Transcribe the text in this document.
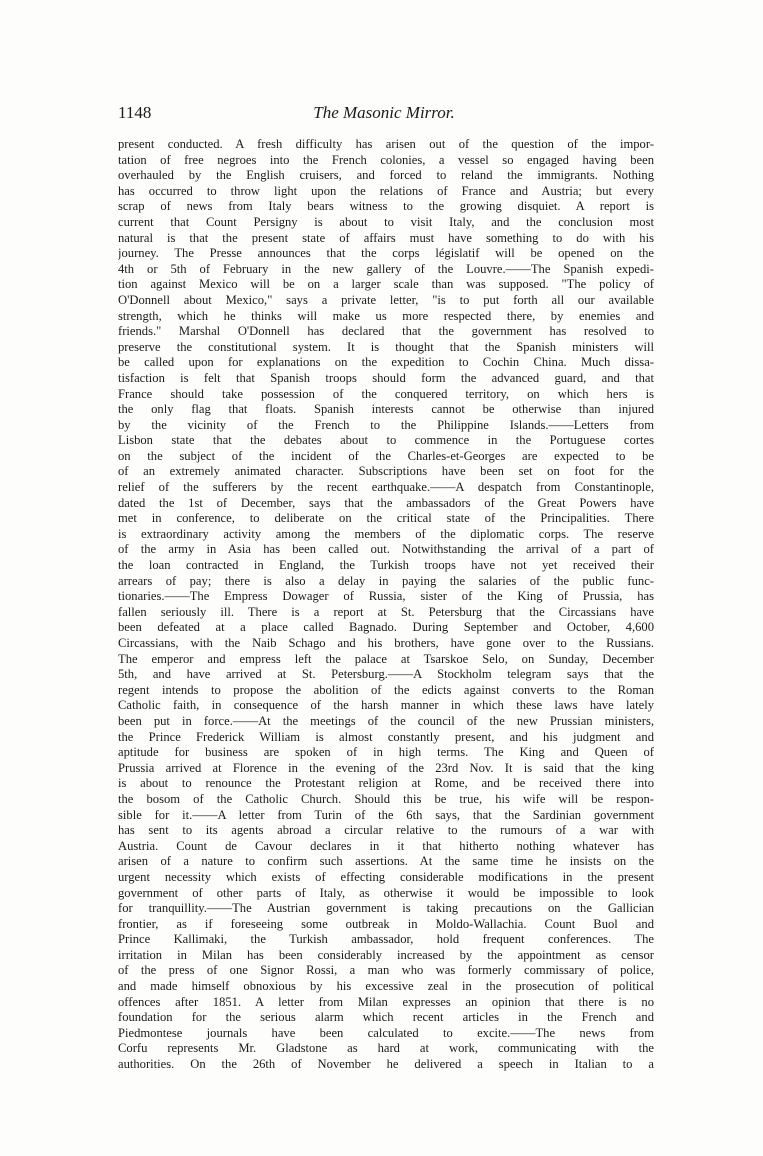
1148	The Masonic Mirror.
present conducted. A fresh difficulty has arisen out of the question of the impor-
tation of free negroes into the French colonies, a vessel so engaged having been
overhauled by the English cruisers, and forced to reland the immigrants. Nothing
has occurred to throw light upon the relations of France and Austria; but every
scrap of news from Italy bears witness to the growing disquiet. A report is
current that Count Persigny is about to visit Italy, and the conclusion most
natural is that the present state of affairs must have something to do with his
journey. The Presse announces that the corps législatif will be opened on the
4th or 5th of February in the new gallery of the Louvre.——The Spanish expedi-
tion against Mexico will be on a larger scale than was supposed. "The policy of
O'Donnell about Mexico," says a private letter, "is to put forth all our available
strength, which he thinks will make us more respected there, by enemies and
friends." Marshal O'Donnell has declared that the government has resolved to
preserve the constitutional system. It is thought that the Spanish ministers will
be called upon for explanations on the expedition to Cochin China. Much dissa-
tisfaction is felt that Spanish troops should form the advanced guard, and that
France should take possession of the conquered territory, on which hers is
the only flag that floats. Spanish interests cannot be otherwise than injured
by the vicinity of the French to the Philippine Islands.——Letters from
Lisbon state that the debates about to commence in the Portuguese cortes
on the subject of the incident of the Charles-et-Georges are expected to be
of an extremely animated character. Subscriptions have been set on foot for the
relief of the sufferers by the recent earthquake.——A despatch from Constantinople,
dated the 1st of December, says that the ambassadors of the Great Powers have
met in conference, to deliberate on the critical state of the Principalities. There
is extraordinary activity among the members of the diplomatic corps. The reserve
of the army in Asia has been called out. Notwithstanding the arrival of a part of
the loan contracted in England, the Turkish troops have not yet received their
arrears of pay; there is also a delay in paying the salaries of the public func-
tionaries.——The Empress Dowager of Russia, sister of the King of Prussia, has
fallen seriously ill. There is a report at St. Petersburg that the Circassians have
been defeated at a place called Bagnado. During September and October, 4,600
Circassians, with the Naib Schago and his brothers, have gone over to the Russians.
The emperor and empress left the palace at Tsarskoe Selo, on Sunday, December
5th, and have arrived at St. Petersburg.——A Stockholm telegram says that the
regent intends to propose the abolition of the edicts against converts to the Roman
Catholic faith, in consequence of the harsh manner in which these laws have lately
been put in force.——At the meetings of the council of the new Prussian ministers,
the Prince Frederick William is almost constantly present, and his judgment and
aptitude for business are spoken of in high terms. The King and Queen of
Prussia arrived at Florence in the evening of the 23rd Nov. It is said that the king
is about to renounce the Protestant religion at Rome, and be received there into
the bosom of the Catholic Church. Should this be true, his wife will be respon-
sible for it.——A letter from Turin of the 6th says, that the Sardinian government
has sent to its agents abroad a circular relative to the rumours of a war with
Austria. Count de Cavour declares in it that hitherto nothing whatever has
arisen of a nature to confirm such assertions. At the same time he insists on the
urgent necessity which exists of effecting considerable modifications in the present
government of other parts of Italy, as otherwise it would be impossible to look
for tranquillity.——The Austrian government is taking precautions on the Gallician
frontier, as if foreseeing some outbreak in Moldo-Wallachia. Count Buol and
Prince Kallimaki, the Turkish ambassador, hold frequent conferences. The
irritation in Milan has been considerably increased by the appointment as censor
of the press of one Signor Rossi, a man who was formerly commissary of police,
and made himself obnoxious by his excessive zeal in the prosecution of political
offences after 1851. A letter from Milan expresses an opinion that there is no
foundation for the serious alarm which recent articles in the French and
Piedmontese journals have been calculated to excite.——The news from
Corfu represents Mr. Gladstone as hard at work, communicating with the
authorities. On the 26th of November he delivered a speech in Italian to a
